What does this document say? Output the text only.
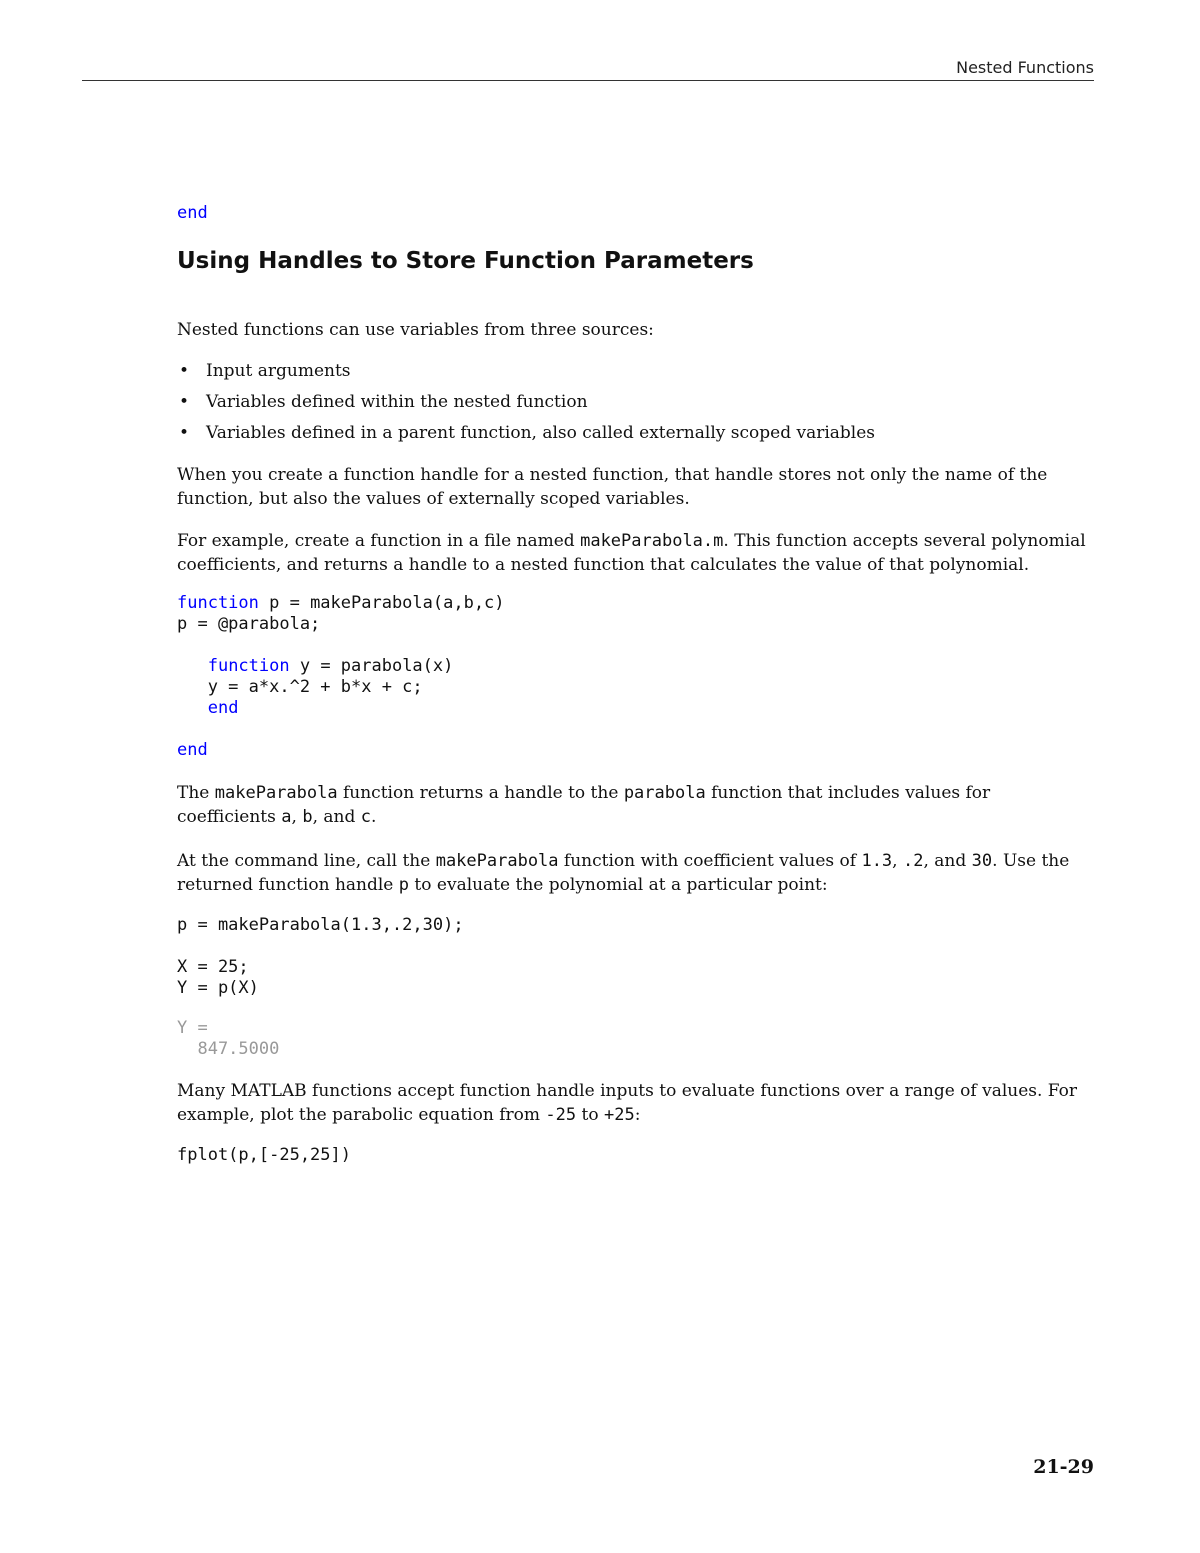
Nested Functions
end
Using Handles to Store Function Parameters

Nested functions can use variables from three sources:

• Input arguments
• Variables defined within the nested function
• Variables defined in a parent function, also called externally scoped variables

When you create a function handle for a nested function, that handle stores not only the name of the function, but also the values of externally scoped variables.

For example, create a function in a file named makeParabola.m. This function accepts several polynomial coefficients, and returns a handle to a nested function that calculates the value of that polynomial.

function p = makeParabola(a,b,c)
p = @parabola;

function y = parabola(x)
y = a*x.^2 + b*x + c;
end

end

The makeParabola function returns a handle to the parabola function that includes values for coefficients a, b, and c.

At the command line, call the makeParabola function with coefficient values of 1.3, .2, and 30. Use the returned function handle p to evaluate the polynomial at a particular point:

p = makeParabola(1.3,.2,30);
X = 25;
Y = p(X)
Y =
847.5000

Many MATLAB functions accept function handle inputs to evaluate functions over a range of values. For example, plot the parabolic equation from -25 to +25:

fplot(p,[-25,25])
21-29
